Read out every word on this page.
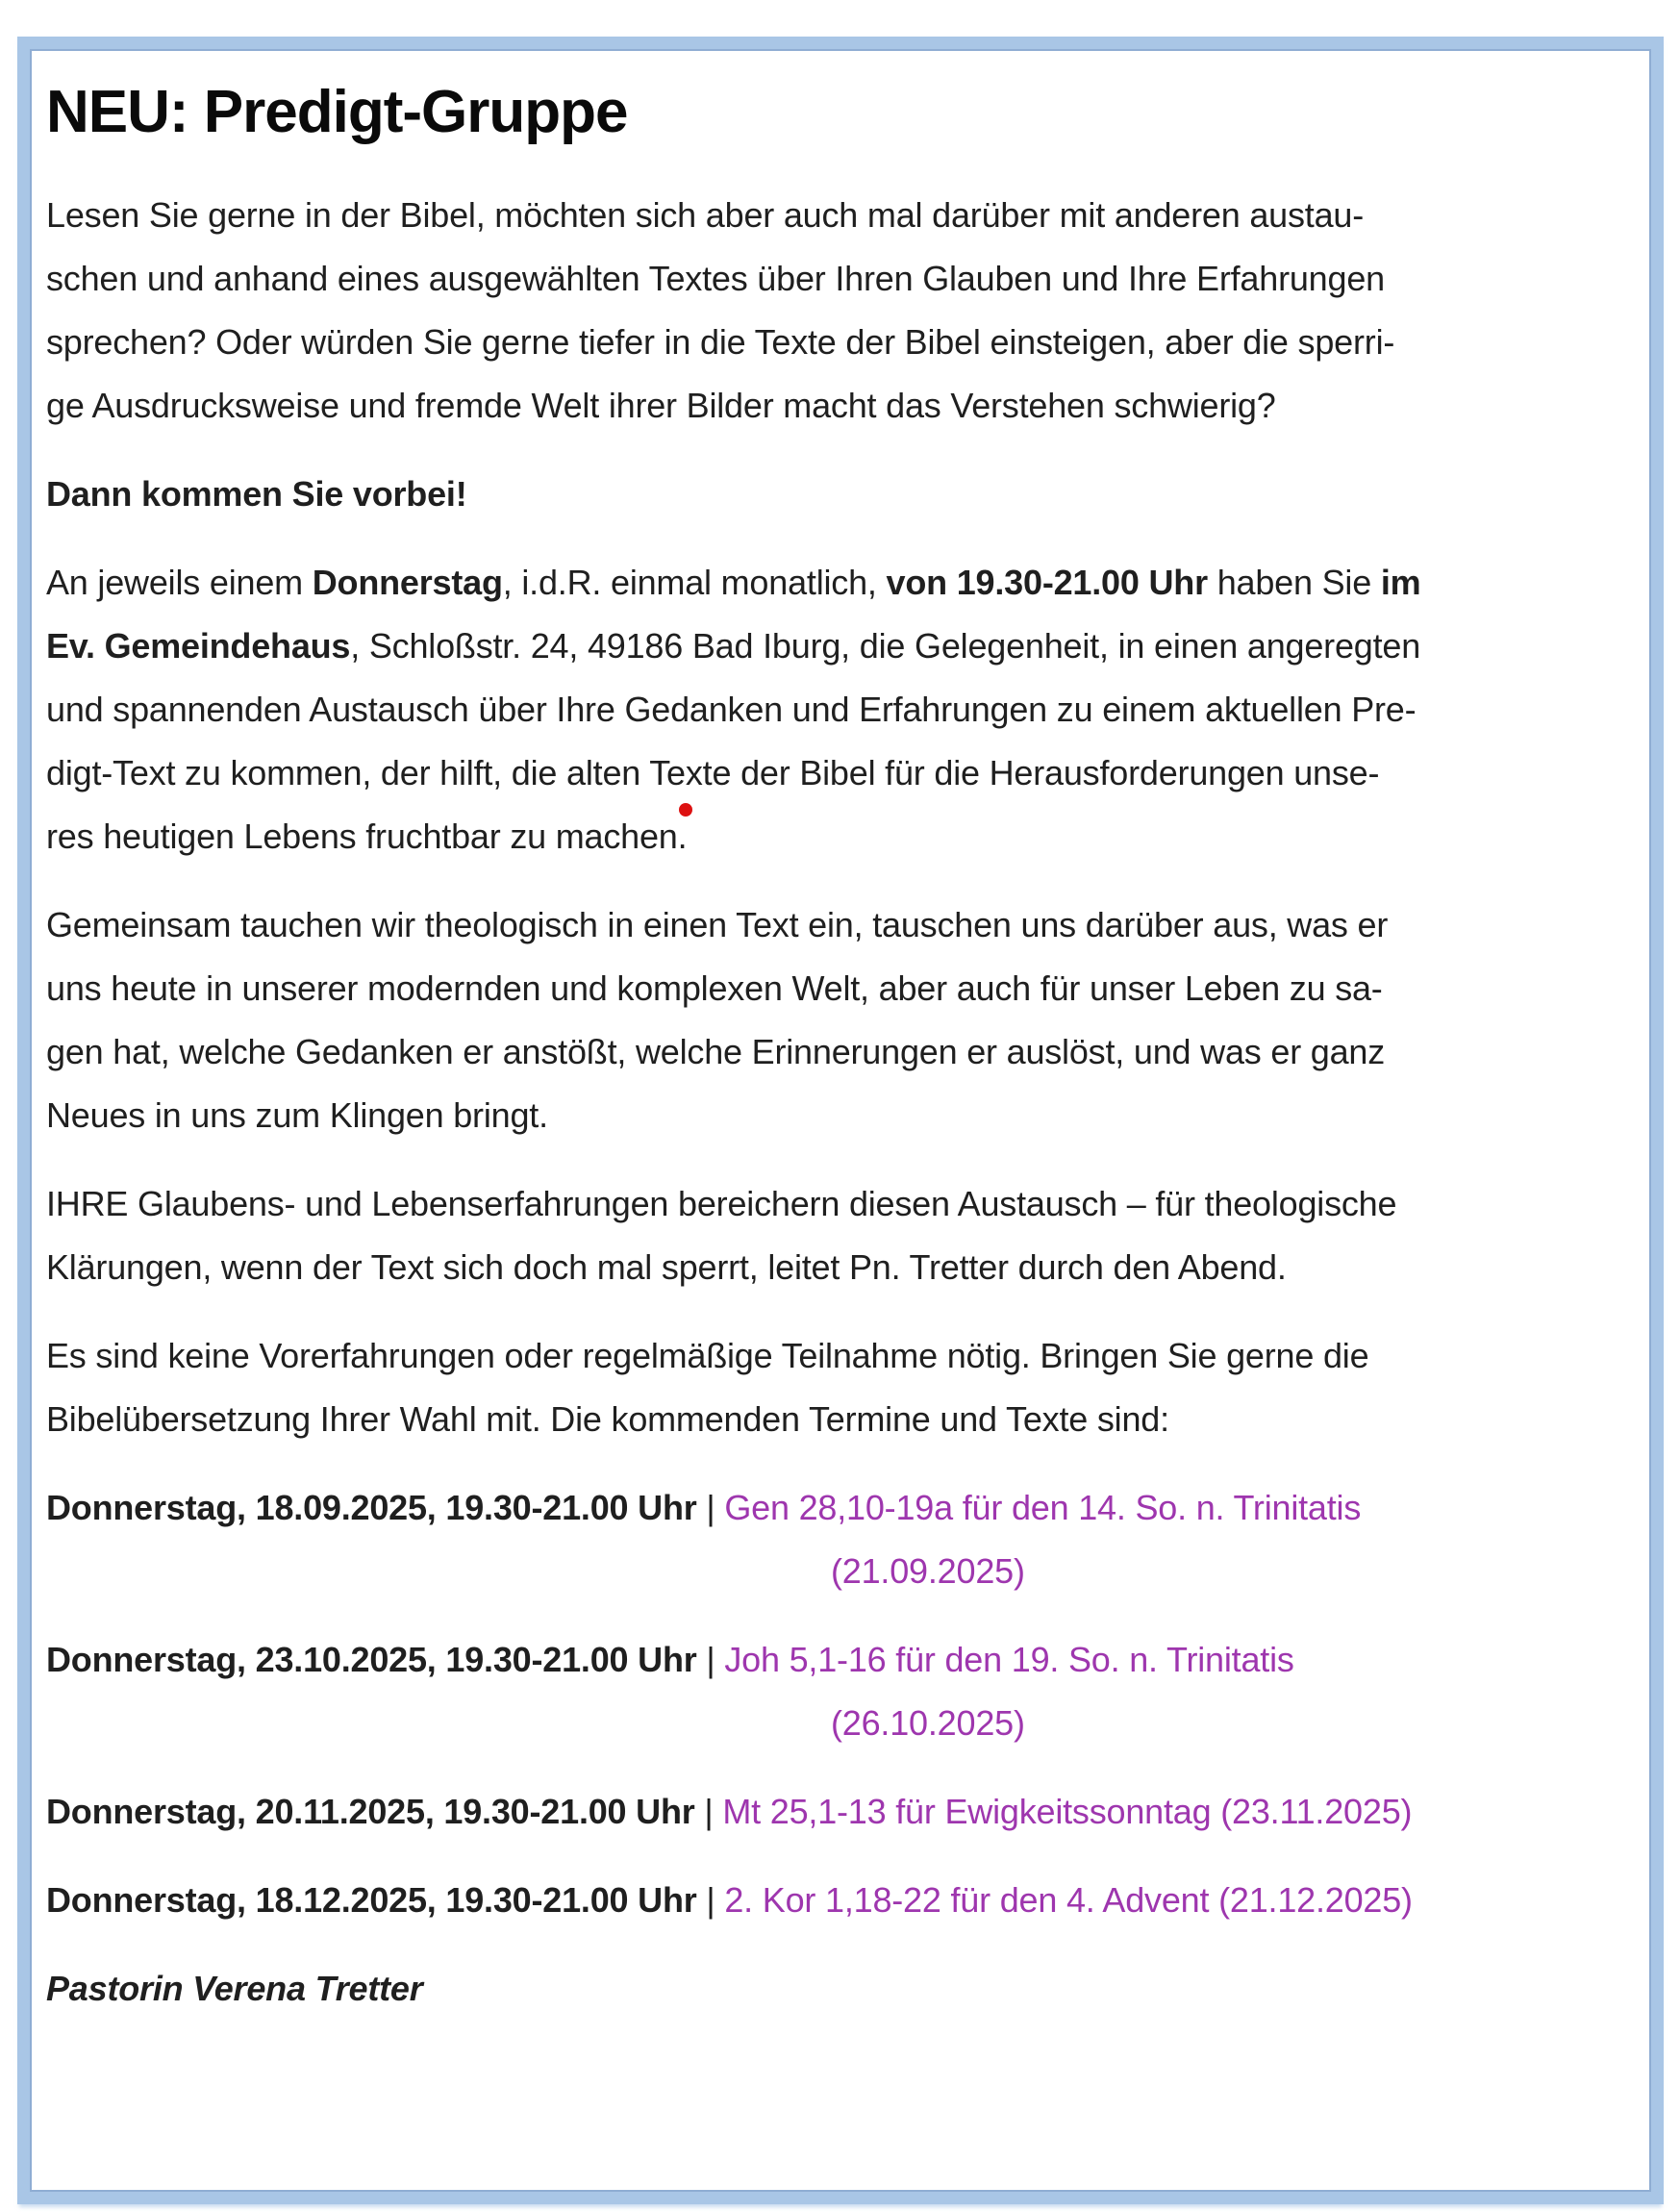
NEU: Predigt-Gruppe

Lesen Sie gerne in der Bibel, möchten sich aber auch mal darüber mit anderen austau-
schen und anhand eines ausgewählten Textes über Ihren Glauben und Ihre Erfahrungen
sprechen? Oder würden Sie gerne tiefer in die Texte der Bibel einsteigen, aber die sperri-
ge Ausdrucksweise und fremde Welt ihrer Bilder macht das Verstehen schwierig?

Dann kommen Sie vorbei!

An jeweils einem Donnerstag, i.d.R. einmal monatlich, von 19.30-21.00 Uhr haben Sie im
Ev. Gemeindehaus, Schloßstr. 24, 49186 Bad Iburg, die Gelegenheit, in einen angeregten
und spannenden Austausch über Ihre Gedanken und Erfahrungen zu einem aktuellen Pre-
digt-Text zu kommen, der hilft, die alten Texte der Bibel für die Herausforderungen unse-
res heutigen Lebens fruchtbar zu machen.

Gemeinsam tauchen wir theologisch in einen Text ein, tauschen uns darüber aus, was er
uns heute in unserer modernden und komplexen Welt, aber auch für unser Leben zu sa-
gen hat, welche Gedanken er anstößt, welche Erinnerungen er auslöst, und was er ganz
Neues in uns zum Klingen bringt.

IHRE Glaubens- und Lebenserfahrungen bereichern diesen Austausch – für theologische
Klärungen, wenn der Text sich doch mal sperrt, leitet Pn. Tretter durch den Abend.

Es sind keine Vorerfahrungen oder regelmäßige Teilnahme nötig. Bringen Sie gerne die
Bibelübersetzung Ihrer Wahl mit. Die kommenden Termine und Texte sind:

Donnerstag, 18.09.2025, 19.30-21.00 Uhr | Gen 28,10-19a für den 14. So. n. Trinitatis
(21.09.2025)

Donnerstag, 23.10.2025, 19.30-21.00 Uhr | Joh 5,1-16 für den 19. So. n. Trinitatis
(26.10.2025)

Donnerstag, 20.11.2025, 19.30-21.00 Uhr | Mt 25,1-13 für Ewigkeitssonntag (23.11.2025)

Donnerstag, 18.12.2025, 19.30-21.00 Uhr | 2. Kor 1,18-22 für den 4. Advent (21.12.2025)

Pastorin Verena Tretter
